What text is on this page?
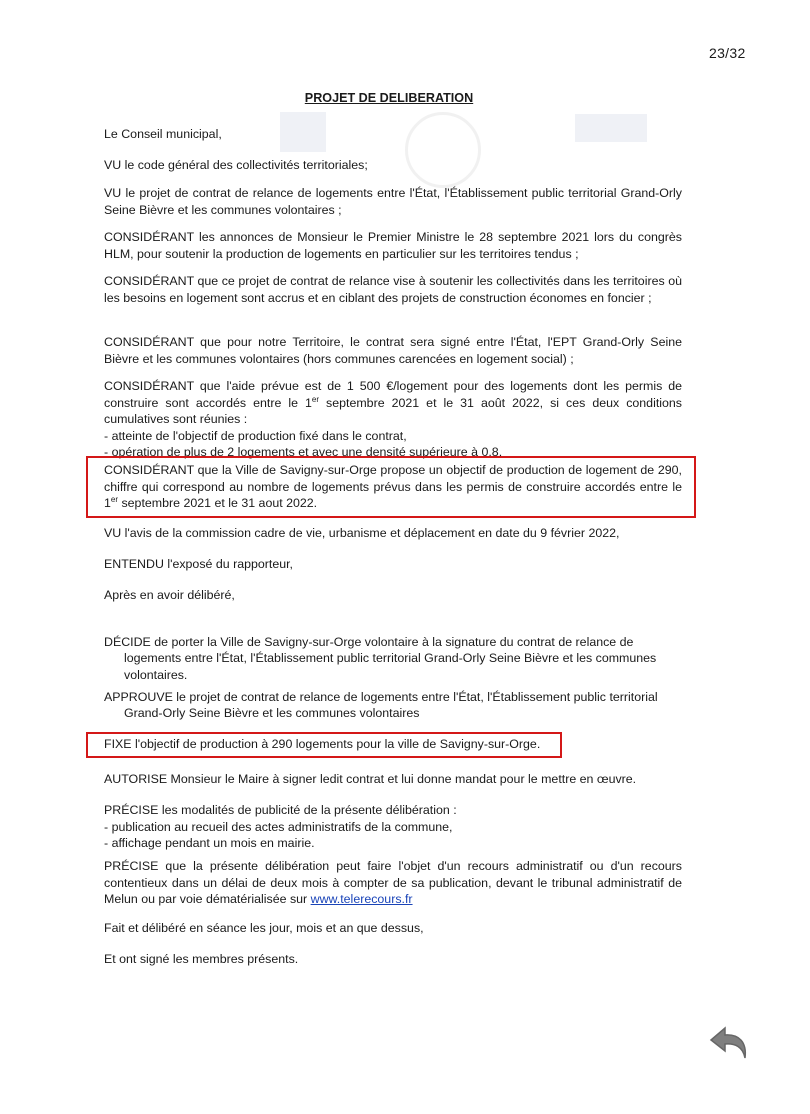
23/32
PROJET DE DELIBERATION
Le Conseil municipal,
VU le code général des collectivités territoriales;
VU le projet de contrat de relance de logements entre l'État, l'Établissement public territorial Grand-Orly Seine Bièvre et les communes volontaires ;
CONSIDÉRANT les annonces de Monsieur le Premier Ministre le 28 septembre 2021 lors du congrès HLM, pour soutenir la production de logements en particulier sur les territoires tendus ;
CONSIDÉRANT que ce projet de contrat de relance vise à soutenir les collectivités dans les territoires où les besoins en logement sont accrus et en ciblant des projets de construction économes en foncier ;
CONSIDÉRANT que pour notre Territoire, le contrat sera signé entre l'État, l'EPT Grand-Orly Seine Bièvre et les communes volontaires (hors communes carencées en logement social) ;
CONSIDÉRANT que l'aide prévue est de 1 500 €/logement pour des logements dont les permis de construire sont accordés entre le 1er septembre 2021 et le 31 août 2022, si ces deux conditions cumulatives sont réunies :
- atteinte de l'objectif de production fixé dans le contrat,
- opération de plus de 2 logements et avec une densité supérieure à 0,8.
CONSIDÉRANT que la Ville de Savigny-sur-Orge propose un objectif de production de logement de 290, chiffre qui correspond au nombre de logements prévus dans les permis de construire accordés entre le 1er septembre 2021 et le 31 aout 2022.
VU l'avis de la commission cadre de vie, urbanisme et déplacement en date du 9 février 2022,
ENTENDU l'exposé du rapporteur,
Après en avoir délibéré,
DÉCIDE de porter la Ville de Savigny-sur-Orge volontaire à la signature du contrat de relance de
logements entre l'État, l'Établissement public territorial Grand-Orly Seine Bièvre et les communes volontaires.
APPROUVE le projet de contrat de relance de logements entre l'État, l'Établissement public territorial
Grand-Orly Seine Bièvre et les communes volontaires
FIXE l'objectif de production à 290 logements pour la ville de Savigny-sur-Orge.
AUTORISE Monsieur le Maire à signer ledit contrat et lui donne mandat pour le mettre en œuvre.
PRÉCISE les modalités de publicité de la présente délibération :
- publication au recueil des actes administratifs de la commune,
- affichage pendant un mois en mairie.
PRÉCISE que la présente délibération peut faire l'objet d'un recours administratif ou d'un recours contentieux dans un délai de deux mois à compter de sa publication, devant le tribunal administratif de Melun ou par voie dématérialisée sur www.telerecours.fr
Fait et délibéré en séance les jour, mois et an que dessus,
Et ont signé les membres présents.
